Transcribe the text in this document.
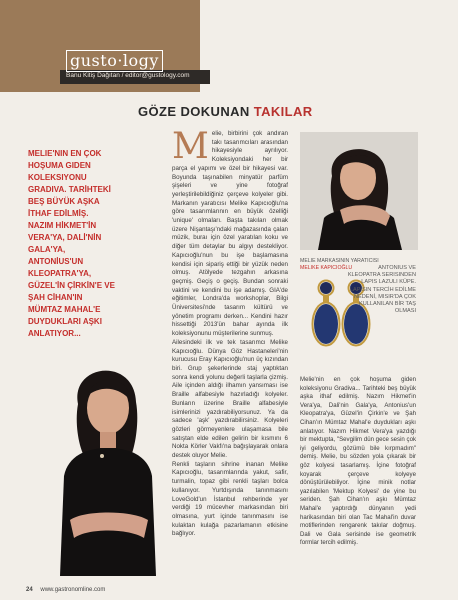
gusto·logy
Banu Kitiş Dağıtan / editor@gustology.com
GÖZE DOKUNAN TAKILAR
MELIE'NIN EN ÇOK
HOŞUMA GIDEN
KOLEKSIYONU
GRADIVA. TARİHTEKİ
BEŞ BÜYÜK AŞKA
İTHAF EDİLMİŞ.
NAZIM HİKMET'İN
VERA'YA, DALİ'NİN
GALA'YA,
ANTONİUS'UN
KLEOPATRA'YA,
GÜZEL'İN ÇİRKİN'E VE
ŞAH CİHAN'IN
MÜMTAZ MAHAL'E
DUYDUKLARI AŞKI
ANLATIYOR...

Melie, birbirini çok andıran takı tasarımcıları arasından hikayesiyle ayrılıyor. Koleksiyondaki her bir parça el yapımı ve özel bir hikayesi var. Boyunda taşınabilen minyatür parfüm şişeleri ve yine fotoğraf yerleştirilebildiğiniz çerçeve kolyeler gibi. Markanın yaratıcısı Melike Kapıcıoğlu'na göre tasarımlarının en büyük özelliği 'unique' olmaları. Başta takıları olmak üzere Nişantaşı'ndaki mağazasında çalan müzik, buraı için özel yaratılan koku ve diğer tüm detaylar bu algıyı destekliyor. Kapıcıoğlu'nun bu işe başlamasına kendisi için sipariş ettiği bir yüzük neden olmuş. Atölyede tezgahın arkasına geçmiş. Geçiş o geçiş. Bundan sonraki vaktini ve kendini bu işe adamış. GIA'de eğitimler, Londra'da workshoplar, Bilgi Üniversitesi'nde tasarım kültürü ve yönetim programı derken... Kendini hazır hissettiği 2013'ün bahar ayında ilk koleksiyonunu müşterilerine sunmuş.

Ailesindeki ilk ve tek tasarımcı Melike Kapıcıoğlu. Dünya Göz Hastaneleri'nin kurucusu Eray Kapıcıoğlu'nun üç kızından biri. Grup şekerlerinde staj yaptıktan sonra kendi yolunu değerli taşlarla çizmiş. Aile içinden aldığı ilhamın yansıması ise Braille alfabesiyle hazırladığı kolyeler. Bunların üzerine Braille alfabesiyle isimlerinizi yazdırabiliyorsunuz. Ya da sadece 'aşk' yazdırabilirsiniz. Kolyeleri gözleri görmeyenlere ulaşamasa bile satıştan elde edilen gelirin bir kısmını 6 Nokta Körler Vakfı'na bağışlayarak onlara destek oluyor Melie.

Renkli taşların sihrine inanan Melike Kapıcıoğlu, tasarımlarında yakut, safir, turmalin, topaz gibi renkli taşları bolca kullanıyor. Yurtdışında tanınmasını LoveGold'un İstanbul rehberinde yer verdiği 19 mücevher markasından biri olmasına, yurt içinde tanınmasını ise kulaktan kulağa pazarlamanın etkisine bağlıyor.

MELIE MARKASININ YARATICISI
MELIKE KAPICIOĞLU	ANTONIUS VE KLEOPATRA SERISINDEN LAPIS LAZULI KÜPE. LAPISIN TERCİH EDİLME NEDENİ, MISIR'DA ÇOK KULLANILAN BİR TAŞ OLMASI
Melie'nin en çok hoşuma giden koleksiyonu Gradiva... Tarihteki beş büyük aşka ithaf edilmiş. Nazım Hikmet'in Vera'ya, Dali'nin Gala'ya, Antonius'un Kleopatra'ya, Güzel'in Çirkin'e ve Şah Cihan'ın Mümtaz Mahal'e duydukları aşkı anlatıyor. Nazım Hikmet Vera'ya yazdığı bir mektupta, "Sevgilim dün gece sesin çok iyi geliyordu, gözümü bile kırpmadım" demiş. Melie, bu sözden yola çıkarak bir göz kolyesi tasarlamış. İçine fotoğraf koyarak çerçeve kolyeye dönüştürülebiliyor. İçine minik notlar yazılabilen 'Mektup Kolyesi' de yine bu seriden. Şah Cihan'ın aşkı Mümtaz Mahal'e yaptırdığı dünyanın yedi harikasından biri olan Tac Mahal'in duvar motiflerinden rengarenk takılar doğmuş. Dali ve Gala serisinde ise geometrik formlar tercih edilmiş.
24 www.gastronomline.com
